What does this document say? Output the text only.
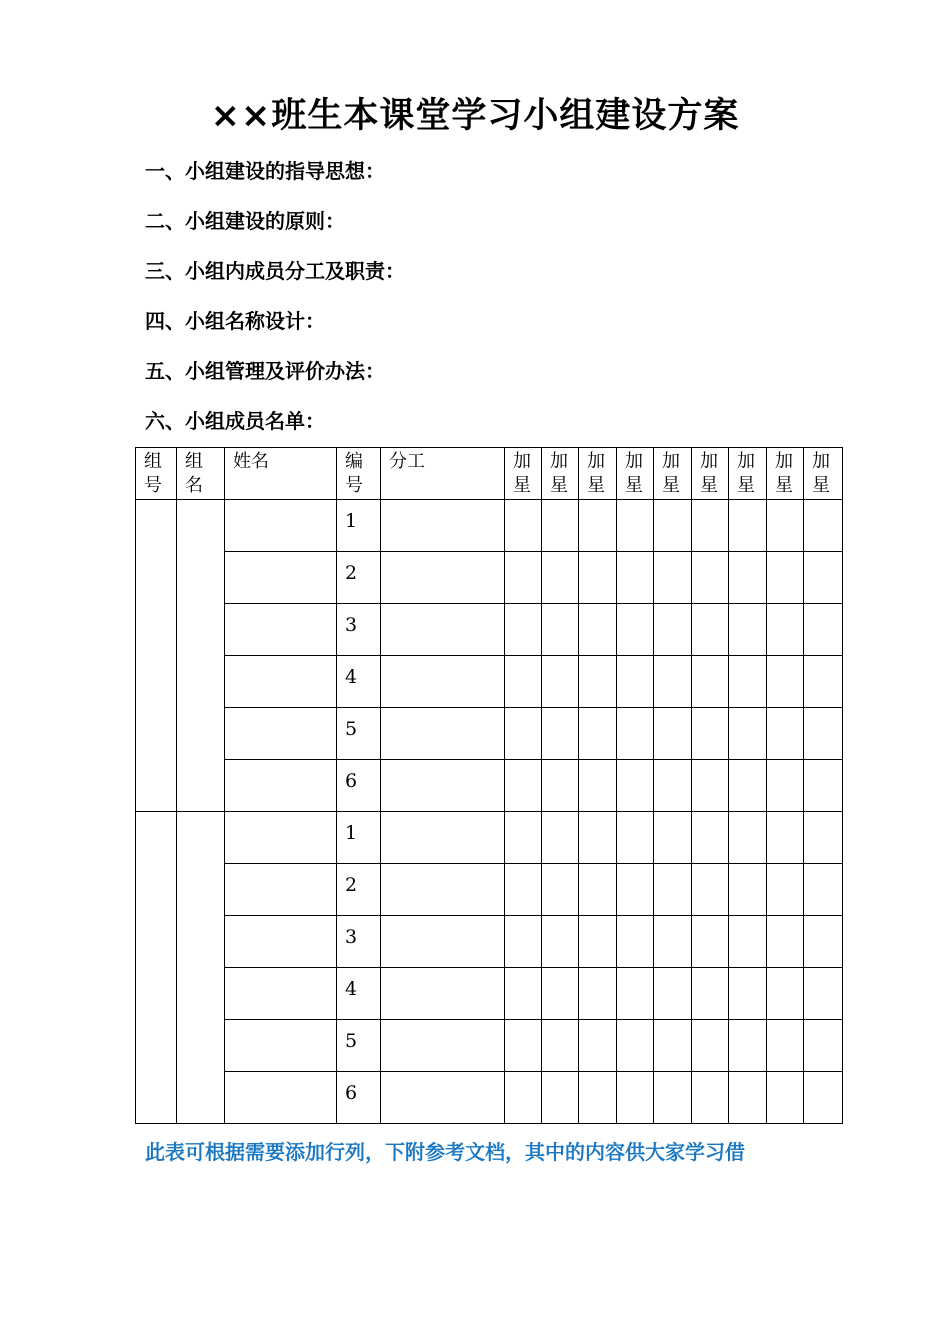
××班生本课堂学习小组建设方案
一、小组建设的指导思想：
二、小组建设的原则：
三、小组内成员分工及职责：
四、小组名称设计：
五、小组管理及评价办法：
六、小组成员名单：
组号	组名	姓名	编号	分工	加星	加星	加星	加星	加星	加星	加星	加星	加星

			1										

			2										

			3										

			4										

			5										

			6										

			1										

			2										

			3										

			4										

			5										

			6										

此表可根据需要添加行列，下附参考文档，其中的内容供大家学习借
